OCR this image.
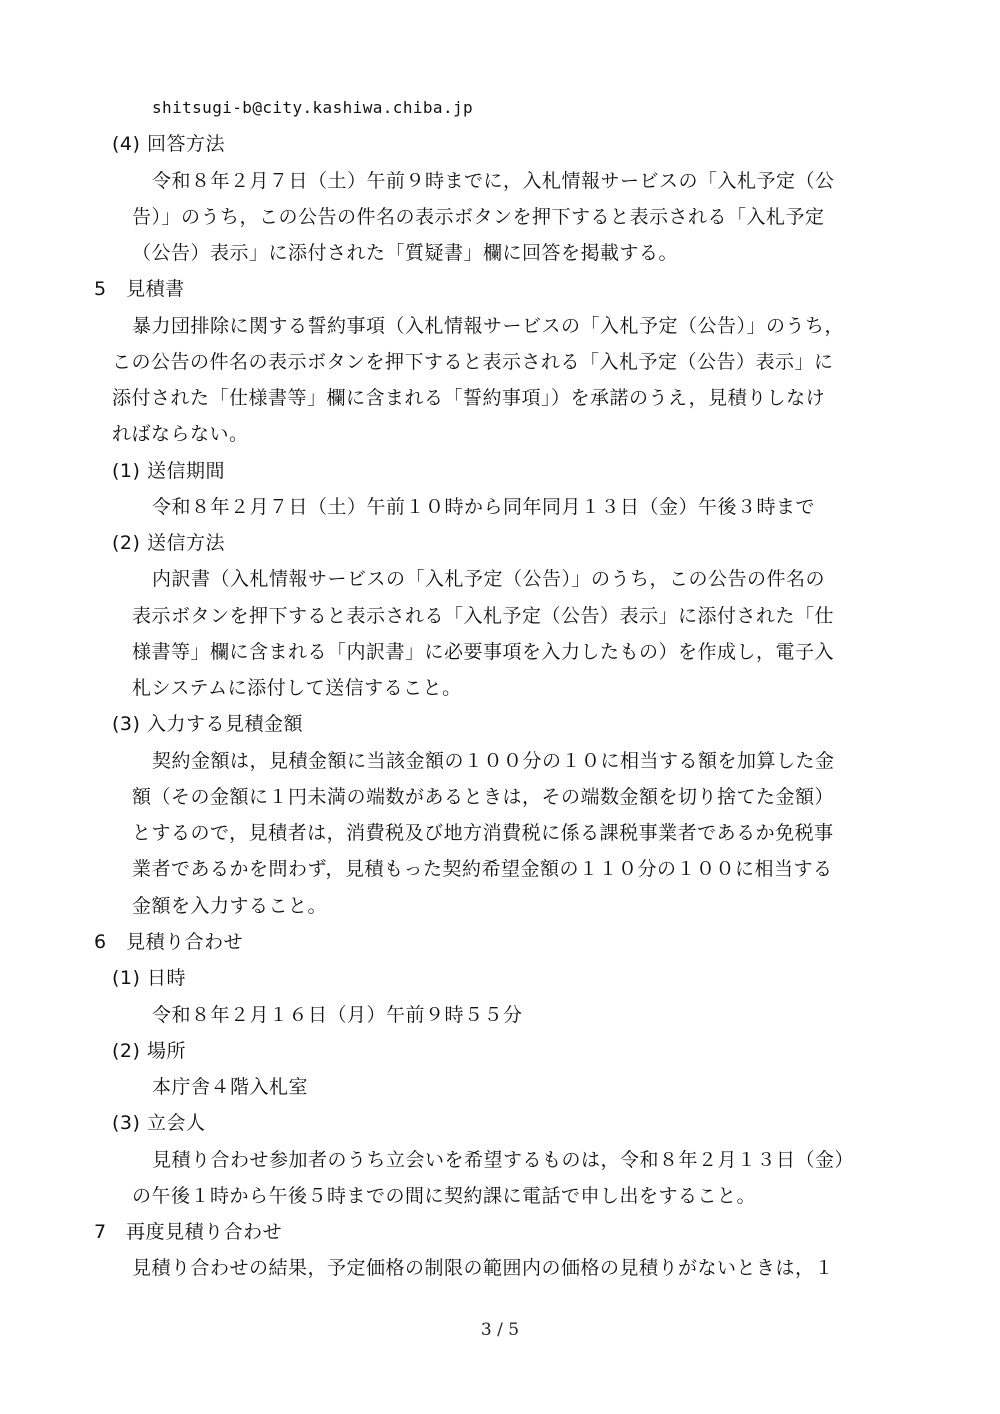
shitsugi-b@city.kashiwa.chiba.jp
(4) 回答方法
令和８年２月７日（土）午前９時までに，入札情報サービスの「入札予定（公
告）」のうち，この公告の件名の表示ボタンを押下すると表示される「入札予定
（公告）表示」に添付された「質疑書」欄に回答を掲載する。
5　見積書
暴力団排除に関する誓約事項（入札情報サービスの「入札予定（公告）」のうち，
この公告の件名の表示ボタンを押下すると表示される「入札予定（公告）表示」に
添付された「仕様書等」欄に含まれる「誓約事項」）を承諾のうえ，見積りしなけ
ればならない。
(1) 送信期間
令和８年２月７日（土）午前１０時から同年同月１３日（金）午後３時まで
(2) 送信方法
内訳書（入札情報サービスの「入札予定（公告）」のうち，この公告の件名の
表示ボタンを押下すると表示される「入札予定（公告）表示」に添付された「仕
様書等」欄に含まれる「内訳書」に必要事項を入力したもの）を作成し，電子入
札システムに添付して送信すること。
(3) 入力する見積金額
契約金額は，見積金額に当該金額の１００分の１０に相当する額を加算した金
額（その金額に１円未満の端数があるときは，その端数金額を切り捨てた金額）
とするので，見積者は，消費税及び地方消費税に係る課税事業者であるか免税事
業者であるかを問わず，見積もった契約希望金額の１１０分の１００に相当する
金額を入力すること。
6　見積り合わせ
(1) 日時
令和８年２月１６日（月）午前９時５５分
(2) 場所
本庁舎４階入札室
(3) 立会人
見積り合わせ参加者のうち立会いを希望するものは，令和８年２月１３日（金）
の午後１時から午後５時までの間に契約課に電話で申し出をすること。
7　再度見積り合わせ
見積り合わせの結果，予定価格の制限の範囲内の価格の見積りがないときは，１
3 / 5
